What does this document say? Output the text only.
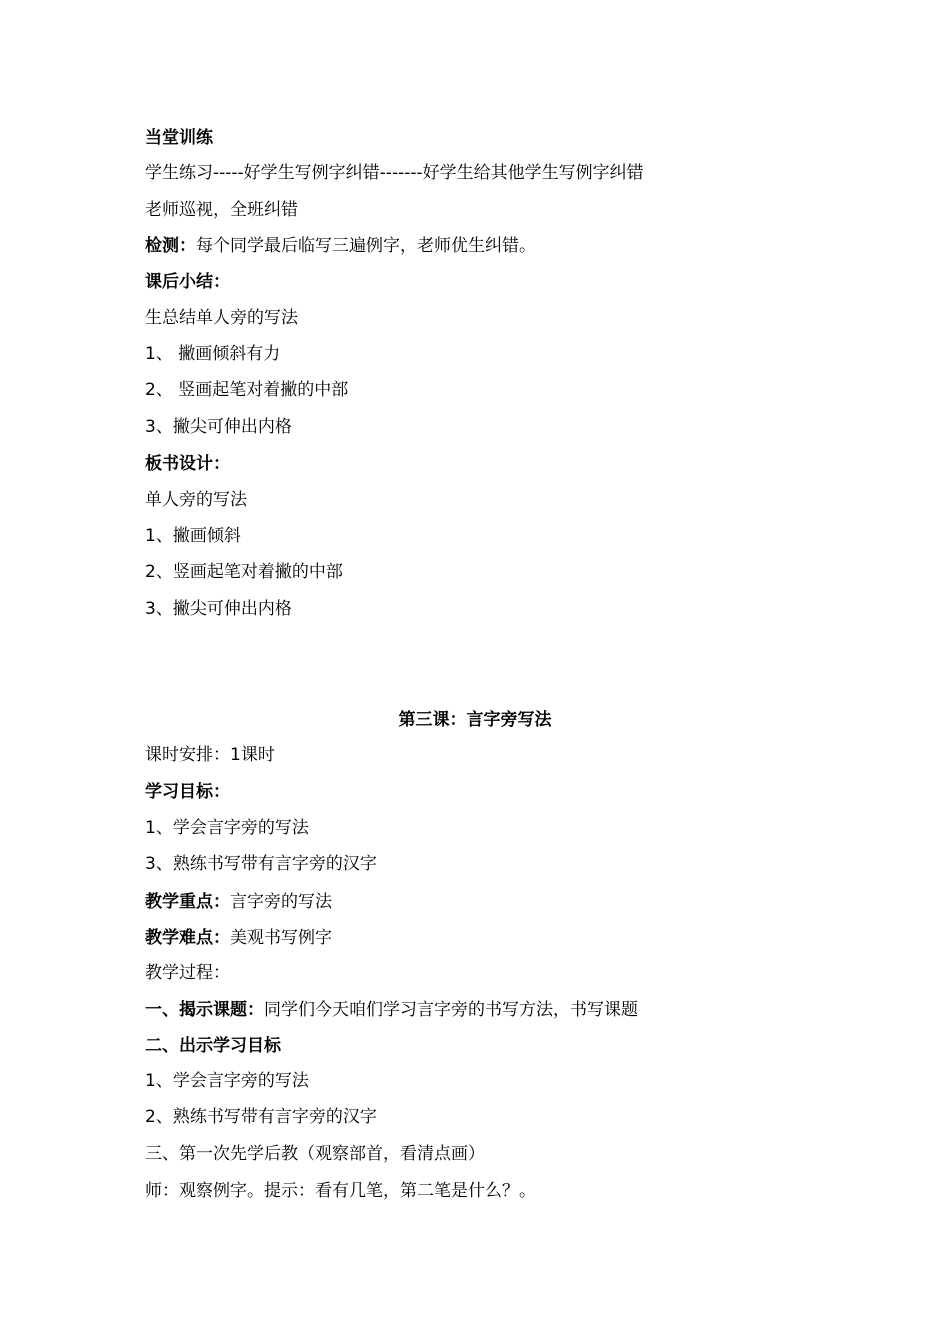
当堂训练
学生练习-----好学生写例字纠错-------好学生给其他学生写例字纠错
老师巡视，全班纠错
检测：每个同学最后临写三遍例字，老师优生纠错。
课后小结：
生总结单人旁的写法
1、 撇画倾斜有力
2、 竖画起笔对着撇的中部
3、撇尖可伸出内格
板书设计：
单人旁的写法
1、撇画倾斜
2、竖画起笔对着撇的中部
3、撇尖可伸出内格
第三课：言字旁写法
课时安排：1课时
学习目标：
1、学会言字旁的写法
3、熟练书写带有言字旁的汉字
教学重点：言字旁的写法
教学难点：美观书写例字
教学过程：
一、揭示课题：同学们今天咱们学习言字旁的书写方法，书写课题
二、出示学习目标
1、学会言字旁的写法
2、熟练书写带有言字旁的汉字
三、第一次先学后教（观察部首，看清点画）
师：观察例字。提示：看有几笔，第二笔是什么？。
